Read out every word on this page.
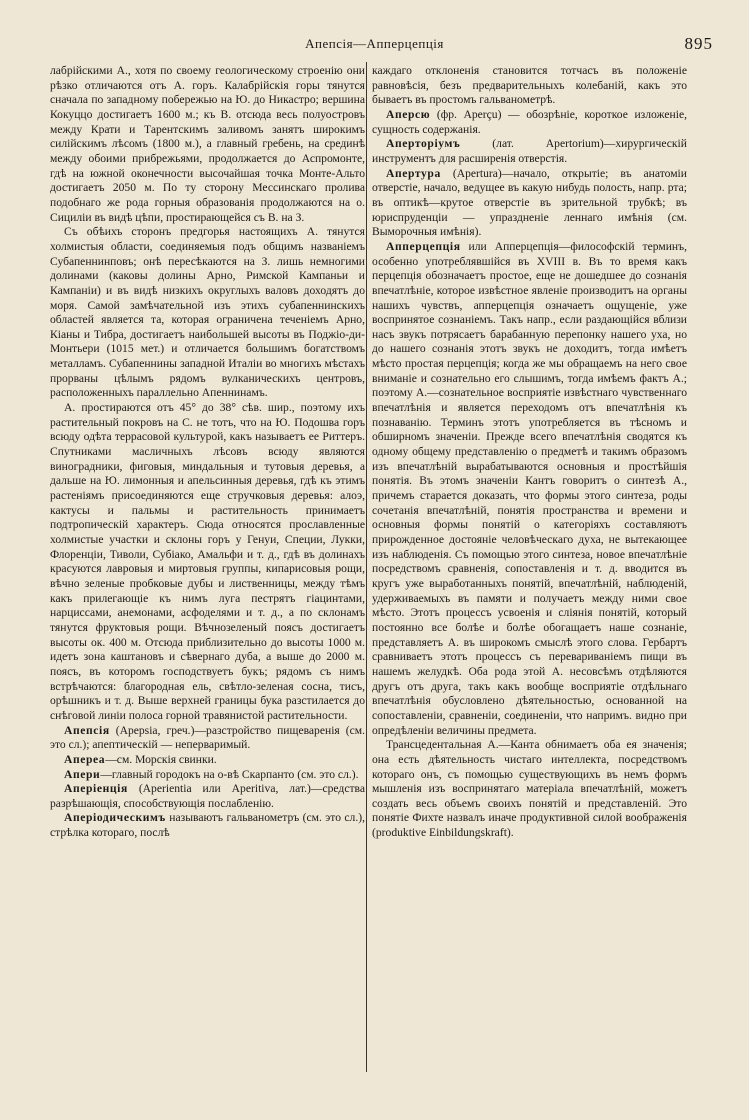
Апепсія—Апперцепція	895

лабрійскими А., хотя по своему геологическому строенію они рѣзко отличаются отъ А. горъ. Калабрійскія горы тянутся сначала по западному побережью на Ю. до Никастро; вершина Кокуццо достигаетъ 1600 м.; къ В. отсюда весь полуостровъ между Крати и Тарентскимъ заливомъ занятъ широкимъ силійскимъ лѣсомъ (1800 м.), а главный гребень, на срединѣ между обоими прибрежьями, продолжается до Аспромонте, гдѣ на южной оконечности высочайшая точка Монте-Альто достигаетъ 2050 м. По ту сторону Мессинскаго пролива подобнаго же рода горныя образованія продолжаются на о. Сициліи въ видѣ цѣпи, простирающейся съ В. на З.

Съ обѣихъ сторонъ предгорья настоящихъ А. тянутся холмистыя области, соединяемыя подъ общимъ названіемъ Субапеннинповъ; онѣ пересѣкаются на З. лишь немногими долинами (каковы долины Арно, Римской Кампаньи и Кампаніи) и въ видѣ низкихъ округлыхъ валовъ доходятъ до моря. Самой замѣчательной изъ этихъ субапеннинскихъ областей является та, которая ограничена теченіемъ Арно, Кіаны и Тибра, достигаетъ наибольшей высоты въ Поджіо-ди-Монтьери (1015 мет.) и отличается большимъ богатствомъ металламъ. Субапеннины западной Италіи во многихъ мѣстахъ прорваны цѣлымъ рядомъ вулканическихъ центровъ, расположенныхъ параллельно Апеннинамъ.

А. простираются отъ 45° до 38° сѣв. шир., поэтому ихъ растительный покровъ на С. не тотъ, что на Ю. Подошва горъ всюду одѣта террасовой культурой, какъ называетъ ее Риттеръ. Спутниками масличныхъ лѣсовъ всюду являются виноградники, фиговыя, миндальныя и тутовыя деревья, а дальше на Ю. лимонныя и апельсинныя деревья, гдѣ къ этимъ растеніямъ присоединяются еще стручковыя деревья: алоэ, кактусы и пальмы и растительность принимаетъ подтропическій характеръ. Сюда относятся прославленные холмистые участки и склоны горъ у Генуи, Специи, Лукки, Флоренціи, Тиволи, Субіако, Амальфи и т. д., гдѣ въ долинахъ красуются лавровыя и миртовыя группы, кипарисовыя рощи, вѣчно зеленые пробковые дубы и лиственницы, между тѣмъ какъ прилегающіе къ нимъ луга пестрятъ гіацинтами, нарциссами, анемонами, асфоделями и т. д., а по склонамъ тянутся фруктовыя рощи. Вѣчнозеленый поясъ достигаетъ высоты ок. 400 м. Отсюда приблизительно до высоты 1000 м. идетъ зона каштановъ и сѣвернаго дуба, а выше до 2000 м. поясъ, въ которомъ господствуетъ букъ; рядомъ съ нимъ встрѣчаются: благородная ель, свѣтло-зеленая сосна, тисъ, орѣшникъ и т. д. Выше верхней границы бука разстилается до снѣговой линіи полоса горной травянистой растительности.

Апепсія (Apepsia, греч.)—разстройство пищеваренія (см. это сл.); апептическій — неперваримый.

Апереа—см. Морскія свинки.

Апери—главный городокъ на о-вѣ Скарпанто (см. это сл.).

Аперіенція (Aperientia или Aperitiva, лат.)—средства разрѣшающія, способствующія послабленію.

Аперіодическимъ называютъ гальванометръ (см. это сл.), стрѣлка котораго, послѣ

каждаго отклоненія становится тотчасъ въ положеніе равновѣсія, безъ предварительныхъ колебаній, какъ это бываетъ въ простомъ гальванометрѣ.

Аперсю (фр. Aperçu) — обозрѣніе, короткое изложеніе, сущность содержанія.

Аперторіумъ (лат. Apertorium)—хирургическій инструментъ для расширенія отверстія.

Апертура (Apertura)—начало, открытіе; въ анатоміи отверстіе, начало, ведущее въ какую нибудь полость, напр. рта; въ оптикѣ—крутое отверстіе въ зрительной трубкѣ; въ юриспруденціи — упраздненіе леннаго имѣнія (см. Выморочныя имѣнія).

Апперцепція или Апперцепція—философскій терминъ, особенно употреблявшійся въ XVIII в. Въ то время какъ перцепція обозначаетъ простое, еще не дошедшее до сознанія впечатлѣніе, которое извѣстное явленіе производитъ на органы нашихъ чувствъ, апперцепція означаетъ ощущеніе, уже воспринятое сознаніемъ. Такъ напр., если раздающійся вблизи насъ звукъ потрясаетъ барабанную перепонку нашего уха, но до нашего сознанія этотъ звукъ не доходитъ, тогда имѣетъ мѣсто простая перцепція; когда же мы обращаемъ на него свое вниманіе и сознательно его слышимъ, тогда имѣемъ фактъ А.; поэтому А.—сознательное восприятіе извѣстнаго чувственнаго впечатлѣнія и является переходомъ отъ впечатлѣнія къ познаванію. Терминъ этотъ употребляется въ тѣсномъ и обширномъ значеніи. Прежде всего впечатлѣнія сводятся къ одному общему представленію о предметѣ и такимъ образомъ изъ впечатлѣній вырабатываются основныя и простѣйшія понятія. Въ этомъ значеніи Кантъ говоритъ о синтезѣ А., причемъ старается доказать, что формы этого синтеза, роды сочетанія впечатлѣній, понятія пространства и времени и основныя формы понятій о категоріяхъ составляютъ прирожденное достояніе человѣческаго духа, не вытекающее изъ наблюденія. Съ помощью этого синтеза, новое впечатлѣніе посредствомъ сравненія, сопоставленія и т. д. вводится въ кругъ уже выработанныхъ понятій, впечатлѣній, наблюденій, удерживаемыхъ въ памяти и получаетъ между ними свое мѣсто. Этотъ процессъ усвоенія и сліянія понятій, который постоянно все болѣе и болѣе обогащаетъ наше сознаніе, представляетъ А. въ широкомъ смыслѣ этого слова. Гербартъ сравниваетъ этотъ процессъ съ перевариваніемъ пищи въ нашемъ желудкѣ. Оба рода этой А. несовсѣмъ отдѣляются другъ отъ друга, такъ какъ вообще восприятіе отдѣльнаго впечатлѣнія обусловлено дѣятельностью, основанной на сопоставленіи, сравненіи, соединеніи, что напримъ. видно при опредѣленіи величины предмета.

Трансцедентальная А.—Канта обнимаетъ оба ея значенія; она есть дѣятельность чистаго интеллекта, посредствомъ котораго онъ, съ помощью существующихъ въ немъ формъ мышленія изъ воспринятаго матеріала впечатлѣній, можетъ создать весь объемъ своихъ понятій и представленій. Это понятіе Фихте назвалъ иначе продуктивной силой воображенія (produktive Einbildungskraft).
